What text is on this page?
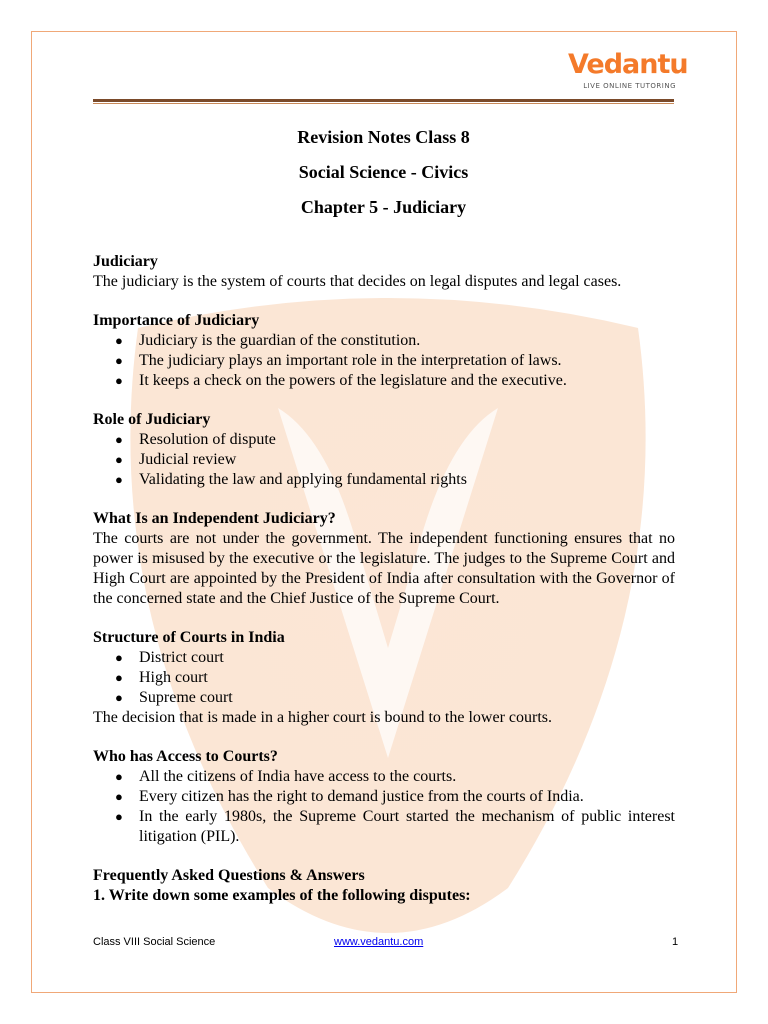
Vedantu
LIVE ONLINE TUTORING
Revision Notes Class 8
Social Science - Civics
Chapter 5 - Judiciary

Judiciary

The judiciary is the system of courts that decides on legal disputes and legal cases.

Importance of Judiciary

● Judiciary is the guardian of the constitution.
● The judiciary plays an important role in the interpretation of laws.
● It keeps a check on the powers of the legislature and the executive.

Role of Judiciary

● Resolution of dispute
● Judicial review
● Validating the law and applying fundamental rights

What Is an Independent Judiciary?

The courts are not under the government. The independent functioning ensures that no power is misused by the executive or the legislature. The judges to the Supreme Court and High Court are appointed by the President of India after consultation with the Governor of the concerned state and the Chief Justice of the Supreme Court.

Structure of Courts in India

● District court
● High court
● Supreme court

The decision that is made in a higher court is bound to the lower courts.

Who has Access to Courts?

● All the citizens of India have access to the courts.
● Every citizen has the right to demand justice from the courts of India.
● In the early 1980s, the Supreme Court started the mechanism of public interest litigation (PIL).

Frequently Asked Questions & Answers

1. Write down some examples of the following disputes:

Class VIII Social Science	www.vedantu.com	1
